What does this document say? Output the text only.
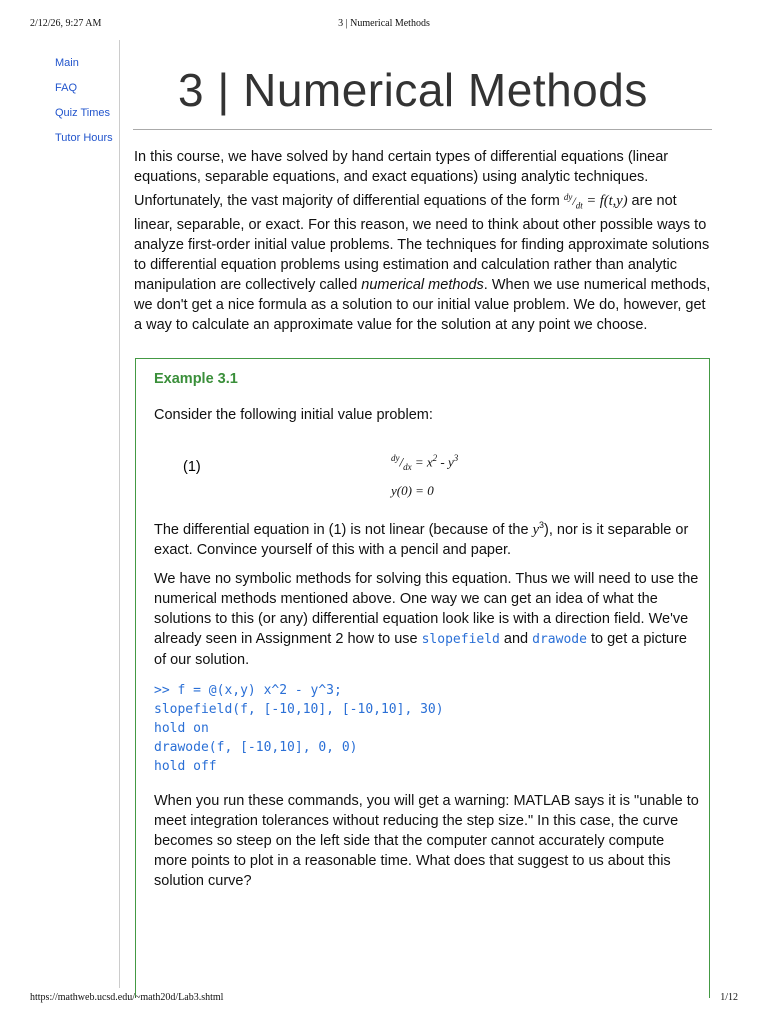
2/12/26, 9:27 AM	3 | Numerical Methods
Main
FAQ
Quiz Times
Tutor Hours
3 | Numerical Methods

In this course, we have solved by hand certain types of differential equations (linear equations, separable equations, and exact equations) using analytic techniques. Unfortunately, the vast majority of differential equations of the form $^{dy}/_{dt} = f(t,y)$ are not linear, separable, or exact. For this reason, we need to think about other possible ways to analyze first-order initial value problems. The techniques for finding approximate solutions to differential equation problems using estimation and calculation rather than analytic manipulation are collectively called numerical methods. When we use numerical methods, we don't get a nice formula as a solution to our initial value problem. We do, however, get a way to calculate an approximate value for the solution at any point we choose.

Example 3.1

Consider the following initial value problem:

(1)
$^{dy}/_{dx} = x^2 - y^3$
y(0) = 0

The differential equation in (1) is not linear (because of the $y^3$), nor is it separable or exact. Convince yourself of this with a pencil and paper.

We have no symbolic methods for solving this equation. Thus we will need to use the numerical methods mentioned above. One way we can get an idea of what the solutions to this (or any) differential equation look like is with a direction field. We've already seen in Assignment 2 how to use slopefield and drawode to get a picture of our solution.

>> f = @(x,y) x^2 - y^3;
slopefield(f, [-10,10], [-10,10], 30)
hold on
drawode(f, [-10,10], 0, 0)
hold off

When you run these commands, you will get a warning: MATLAB says it is "unable to meet integration tolerances without reducing the step size." In this case, the curve becomes so steep on the left side that the computer cannot accurately compute more points to plot in a reasonable time. What does that suggest to us about this solution curve?

https://mathweb.ucsd.edu/~math20d/Lab3.shtml	1/12
